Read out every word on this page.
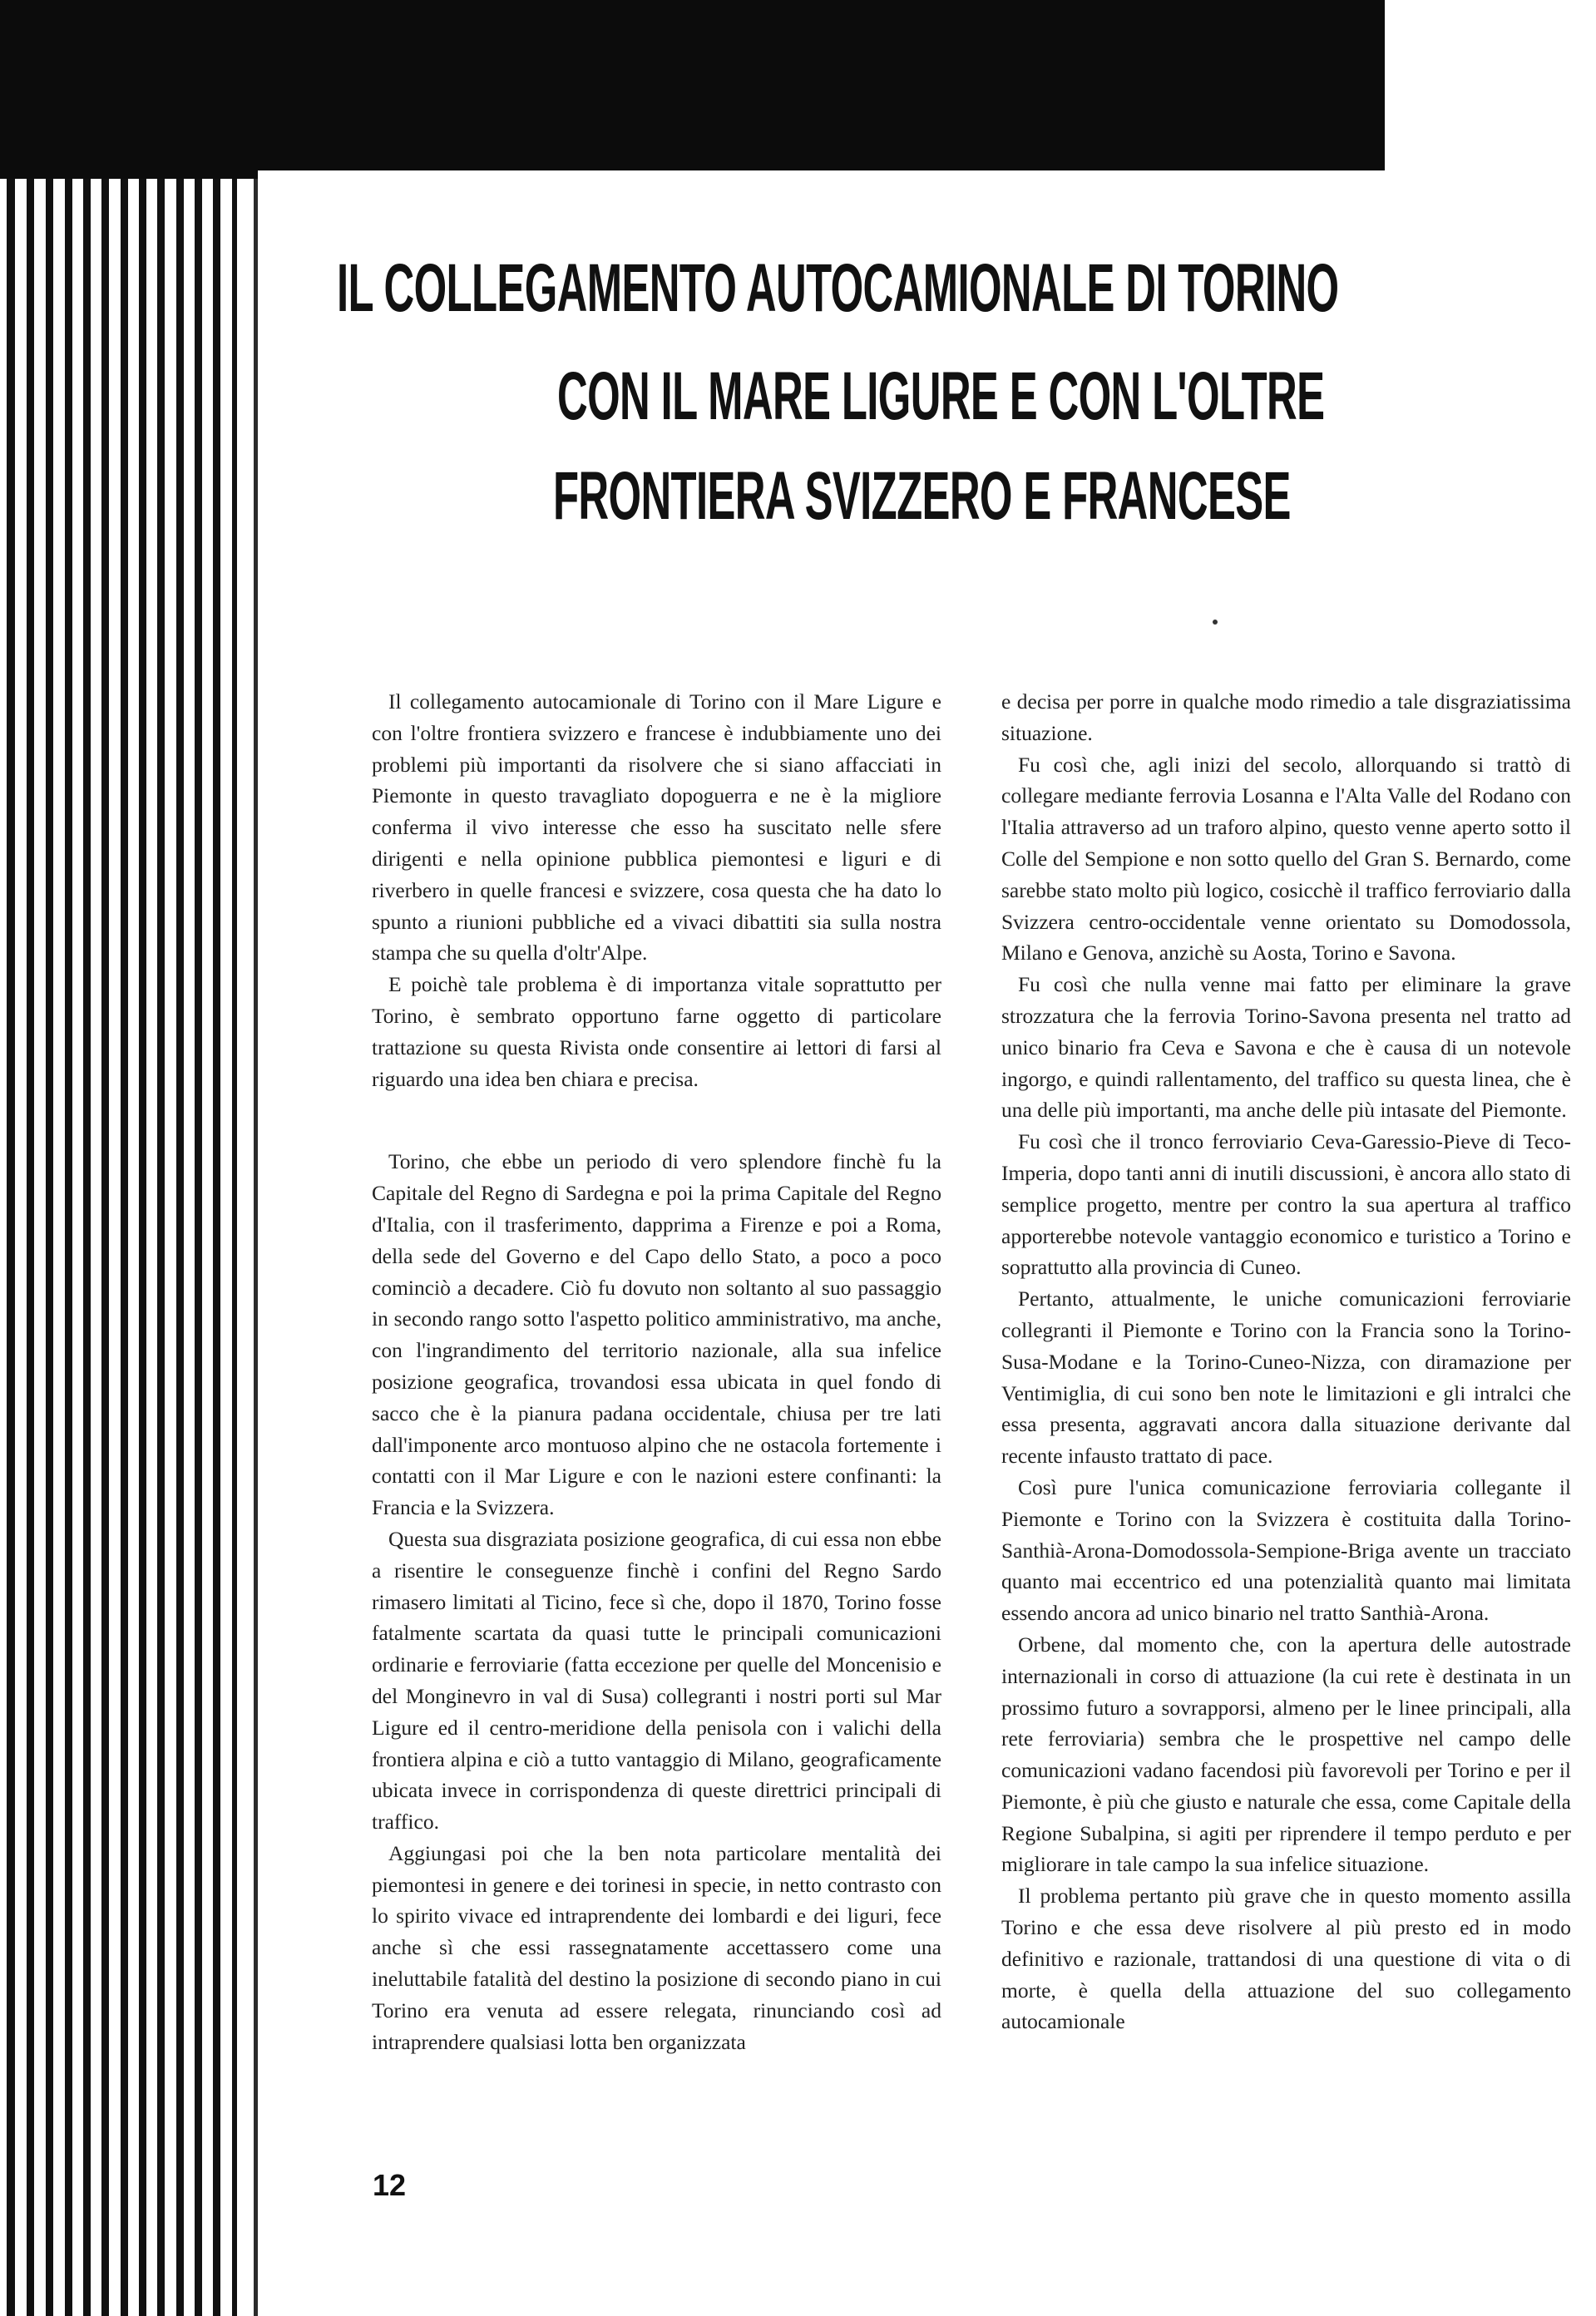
IL COLLEGAMENTO AUTOCAMIONALE DI TORINO
CON IL MARE LIGURE E CON L'OLTRE
FRONTIERA SVIZZERO E FRANCESE

Il collegamento autocamionale di Torino con il Mare Ligure e con l'oltre frontiera svizzero e francese è indubbiamente uno dei problemi più importanti da risolvere che si siano affacciati in Piemonte in questo travagliato dopoguerra e ne è la migliore conferma il vivo interesse che esso ha suscitato nelle sfere dirigenti e nella opinione pubblica piemontesi e liguri e di riverbero in quelle francesi e svizzere, cosa questa che ha dato lo spunto a riunioni pubbliche ed a vivaci dibattiti sia sulla nostra stampa che su quella d'oltr'Alpe.

E poichè tale problema è di importanza vitale soprattutto per Torino, è sembrato opportuno farne oggetto di particolare trattazione su questa Rivista onde consentire ai lettori di farsi al riguardo una idea ben chiara e precisa.

Torino, che ebbe un periodo di vero splendore finchè fu la Capitale del Regno di Sardegna e poi la prima Capitale del Regno d'Italia, con il trasferimento, dapprima a Firenze e poi a Roma, della sede del Governo e del Capo dello Stato, a poco a poco cominciò a decadere. Ciò fu dovuto non soltanto al suo passaggio in secondo rango sotto l'aspetto politico amministrativo, ma anche, con l'ingrandimento del territorio nazionale, alla sua infelice posizione geografica, trovandosi essa ubicata in quel fondo di sacco che è la pianura padana occidentale, chiusa per tre lati dall'imponente arco montuoso alpino che ne ostacola fortemente i contatti con il Mar Ligure e con le nazioni estere confinanti: la Francia e la Svizzera.

Questa sua disgraziata posizione geografica, di cui essa non ebbe a risentire le conseguenze finchè i confini del Regno Sardo rimasero limitati al Ticino, fece sì che, dopo il 1870, Torino fosse fatalmente scartata da quasi tutte le principali comunicazioni ordinarie e ferroviarie (fatta eccezione per quelle del Moncenisio e del Monginevro in val di Susa) collegranti i nostri porti sul Mar Ligure ed il centro-meridione della penisola con i valichi della frontiera alpina e ciò a tutto vantaggio di Milano, geograficamente ubicata invece in corrispondenza di queste direttrici principali di traffico.

Aggiungasi poi che la ben nota particolare mentalità dei piemontesi in genere e dei torinesi in specie, in netto contrasto con lo spirito vivace ed intraprendente dei lombardi e dei liguri, fece anche sì che essi rassegnatamente accettassero come una ineluttabile fatalità del destino la posizione di secondo piano in cui Torino era venuta ad essere relegata, rinunciando così ad intraprendere qualsiasi lotta ben organizzata

e decisa per porre in qualche modo rimedio a tale disgraziatissima situazione.

Fu così che, agli inizi del secolo, allorquando si trattò di collegare mediante ferrovia Losanna e l'Alta Valle del Rodano con l'Italia attraverso ad un traforo alpino, questo venne aperto sotto il Colle del Sempione e non sotto quello del Gran S. Bernardo, come sarebbe stato molto più logico, cosicchè il traffico ferroviario dalla Svizzera centro-occidentale venne orientato su Domodossola, Milano e Genova, anzichè su Aosta, Torino e Savona.

Fu così che nulla venne mai fatto per eliminare la grave strozzatura che la ferrovia Torino-Savona presenta nel tratto ad unico binario fra Ceva e Savona e che è causa di un notevole ingorgo, e quindi rallentamento, del traffico su questa linea, che è una delle più importanti, ma anche delle più intasate del Piemonte.

Fu così che il tronco ferroviario Ceva-Garessio-Pieve di Teco-Imperia, dopo tanti anni di inutili discussioni, è ancora allo stato di semplice progetto, mentre per contro la sua apertura al traffico apporterebbe notevole vantaggio economico e turistico a Torino e soprattutto alla provincia di Cuneo.

Pertanto, attualmente, le uniche comunicazioni ferroviarie collegranti il Piemonte e Torino con la Francia sono la Torino-Susa-Modane e la Torino-Cuneo-Nizza, con diramazione per Ventimiglia, di cui sono ben note le limitazioni e gli intralci che essa presenta, aggravati ancora dalla situazione derivante dal recente infausto trattato di pace.

Così pure l'unica comunicazione ferroviaria collegante il Piemonte e Torino con la Svizzera è costituita dalla Torino-Santhià-Arona-Domodossola-Sempione-Briga avente un tracciato quanto mai eccentrico ed una potenzialità quanto mai limitata essendo ancora ad unico binario nel tratto Santhià-Arona.

Orbene, dal momento che, con la apertura delle autostrade internazionali in corso di attuazione (la cui rete è destinata in un prossimo futuro a sovrapporsi, almeno per le linee principali, alla rete ferroviaria) sembra che le prospettive nel campo delle comunicazioni vadano facendosi più favorevoli per Torino e per il Piemonte, è più che giusto e naturale che essa, come Capitale della Regione Subalpina, si agiti per riprendere il tempo perduto e per migliorare in tale campo la sua infelice situazione.

Il problema pertanto più grave che in questo momento assilla Torino e che essa deve risolvere al più presto ed in modo definitivo e razionale, trattandosi di una questione di vita o di morte, è quella della attuazione del suo collegamento autocamionale

12
